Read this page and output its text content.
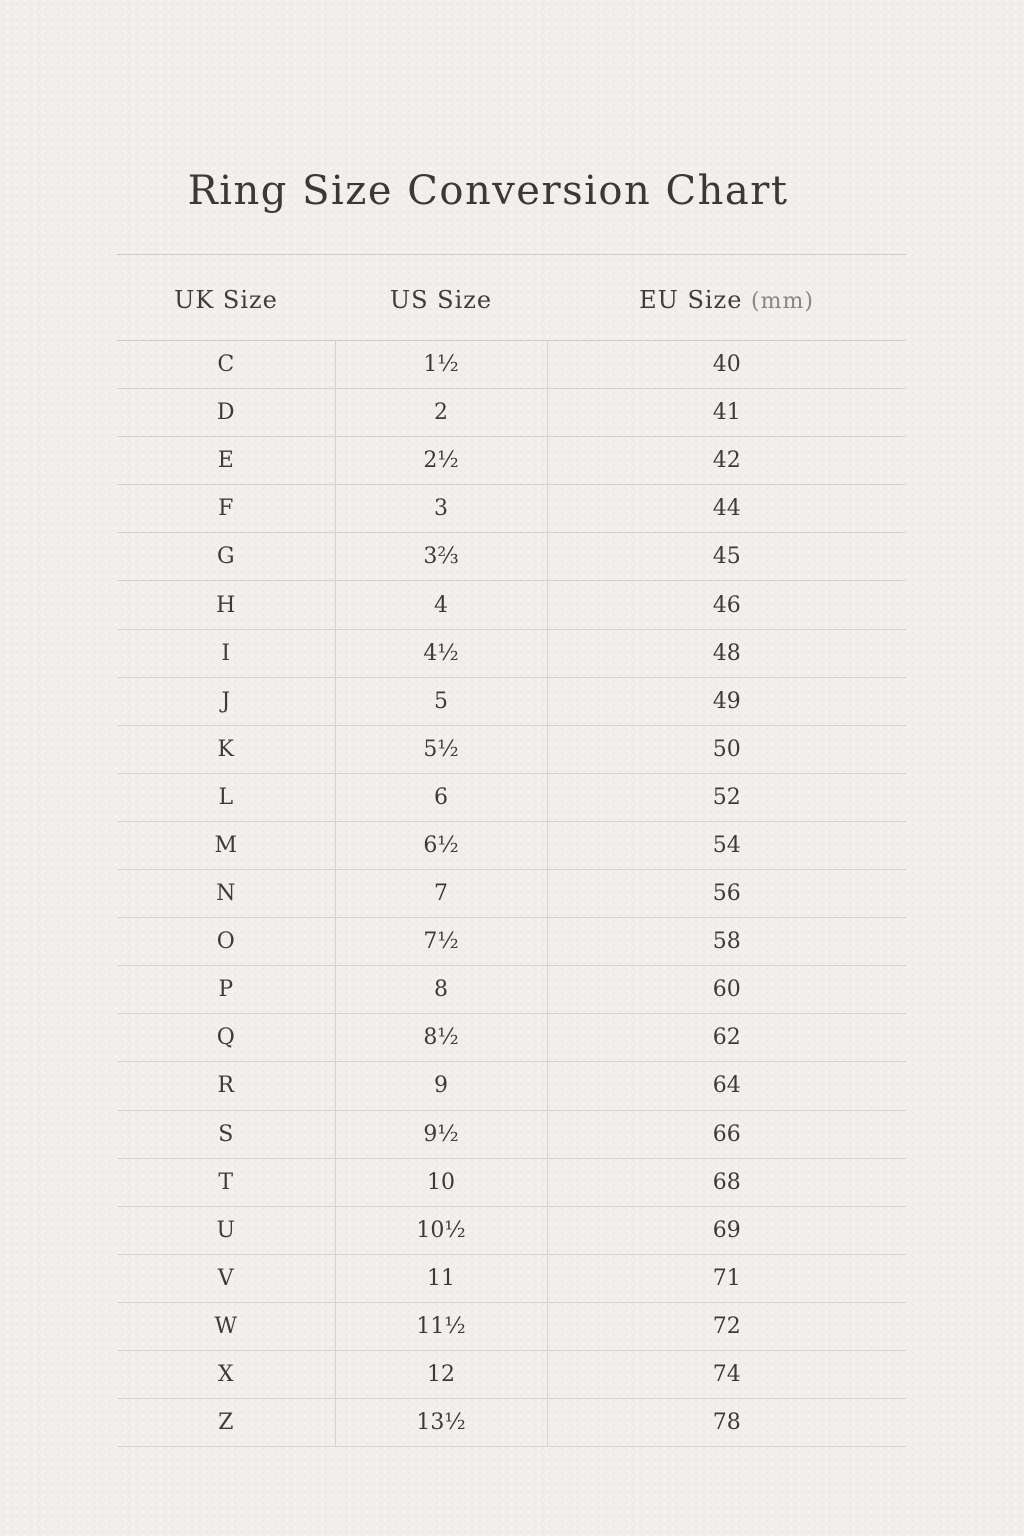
Ring Size Conversion Chart
UK Size	US Size	EU Size (mm)
C	1½	40
D	2	41
E	2½	42
F	3	44
G	3⅔	45
H	4	46
I	4½	48
J	5	49
K	5½	50
L	6	52
M	6½	54
N	7	56
O	7½	58
P	8	60
Q	8½	62
R	9	64
S	9½	66
T	10	68
U	10½	69
V	11	71
W	11½	72
X	12	74
Z	13½	78
